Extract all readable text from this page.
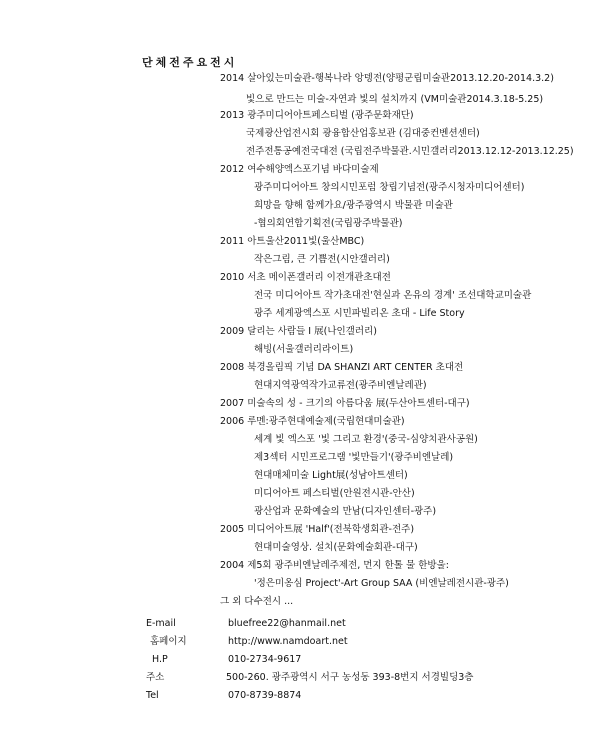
단체전주요전시
2014 살아있는미술관-행복나라 앙뎅전(양평군립미술관2013.12.20-2014.3.2)
빛으로 만드는 미술-자연과 빛의 설치까지 (VM미술관2014.3.18-5.25)
2013 광주미디어아트페스티벌 (광주문화재단)
국제광산업전시회 광융합산업홍보관 (김대중컨벤션센터)
전주전통공예전국대전 (국립전주박물관.시민갤러리2013.12.12-2013.12.25)
2012 여수해양엑스포기념 바다미술제
광주미디어아트 창의시민포럼 창립기념전(광주시청자미디어센터)
희망을 향해 함께가요/광주광역시 박물관 미술관
-협의회연합기획전(국립광주박물관)
2011 아트울산2011빛(울산MBC)
작은그림, 큰 기쁨전(시안갤러리)
2010 서초 메이폰갤러리 이전개관초대전
전국 미디어아트 작가초대전'현실과 온유의 경계' 조선대학교미술관
광주 세계광엑스포 시민파빌리온 초대 - Life Story
2009 달리는 사람들 I 展(나인갤러리)
해빙(서울갤러리라이트)
2008 북경올림픽 기념 DA SHANZI ART CENTER 초대전
현대지역광역작가교류전(광주비엔날레관)
2007 미술속의 성 - 크기의 아름다움 展(두산아트센터-대구)
2006 루멘:광주현대예술제(국립현대미술관)
세계 빛 엑스포 '빛 그리고 환경'(중국-심양치관사공원)
제3섹터 시민프로그램 '빛만들기'(광주비엔날레)
현대매체미술 Light展(성남아트센터)
미디어아트 페스티벌(안원전시관-안산)
광산업과 문화예술의 만남(디자인센터-광주)
2005 미디어아트展 'Half'(전북학생회관-전주)
현대미술영상. 설치(문화예술회관-대구)
2004 제5회 광주비엔날레주제전, 먼지 한톨 물 한방울:
'정은미옹심 Project'-Art Group SAA (비엔날레전시관-광주)
그 외 다수전시 ...
E-mail	bluefree22@hanmail.net
홈페이지	http://www.namdoart.net
H.P	010-2734-9617
주소	500-260. 광주광역시 서구 농성동 393-8번지 서경빌딩3층
Tel	070-8739-8874
